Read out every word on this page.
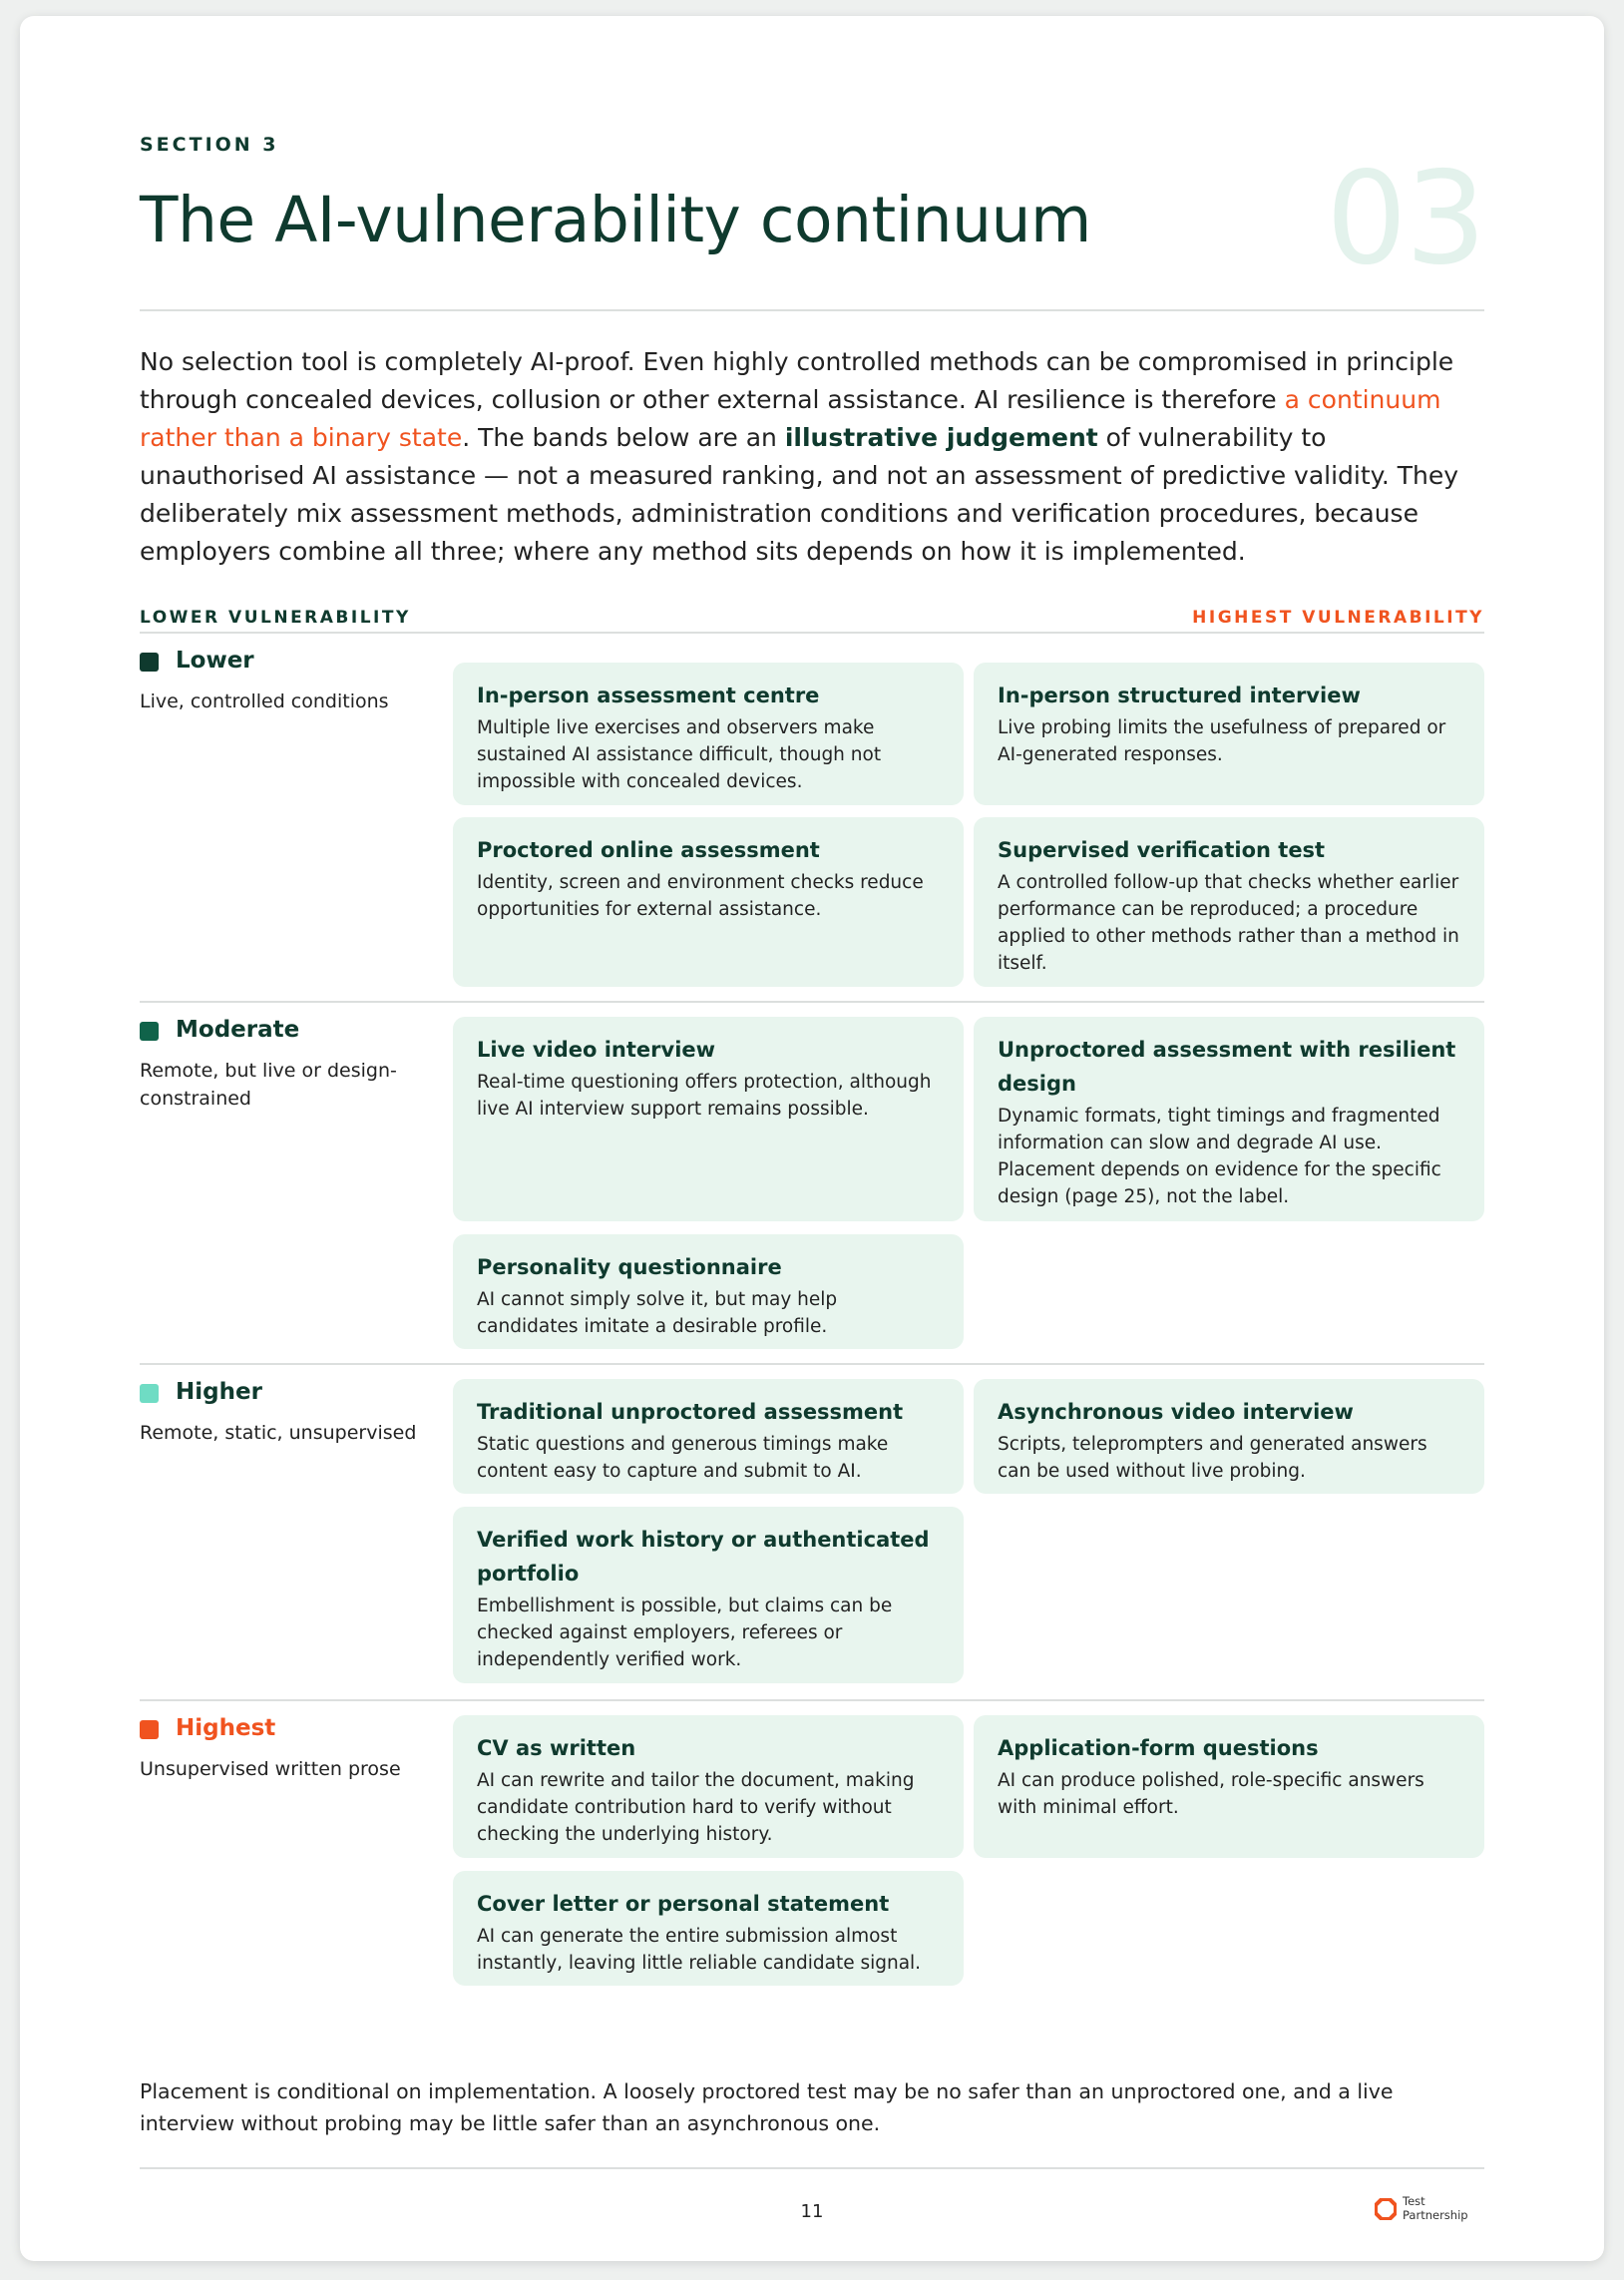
SECTION 3	03
The AI-vulnerability continuum

No selection tool is completely AI-proof. Even highly controlled methods can be compromised in principle through concealed devices, collusion or other external assistance. AI resilience is therefore a continuum rather than a binary state. The bands below are an illustrative judgement of vulnerability to unauthorised AI assistance — not a measured ranking, and not an assessment of predictive validity. They deliberately mix assessment methods, administration conditions and verification procedures, because employers combine all three; where any method sits depends on how it is implemented.

LOWER VULNERABILITY	HIGHEST VULNERABILITY
Lower
Live, controlled conditions	In-person assessment centre
Multiple live exercises and observers make sustained AI assistance difficult, though not impossible with concealed devices.
In-person structured interview
Live probing limits the usefulness of prepared or AI-generated responses.
Proctored online assessment
Identity, screen and environment checks reduce opportunities for external assistance.
Supervised verification test
A controlled follow-up that checks whether earlier performance can be reproduced; a procedure applied to other methods rather than a method in itself.
Moderate
Remote, but live or design-constrained
Live video interview
Real-time questioning offers protection, although live AI interview support remains possible.
Unproctored assessment with resilient design
Dynamic formats, tight timings and fragmented information can slow and degrade AI use. Placement depends on evidence for the specific design (page 25), not the label.
Personality questionnaire
AI cannot simply solve it, but may help candidates imitate a desirable profile.
Higher
Remote, static, unsupervised
Traditional unproctored assessment
Static questions and generous timings make content easy to capture and submit to AI.
Asynchronous video interview
Scripts, teleprompters and generated answers can be used without live probing.
Verified work history or authenticated portfolio
Embellishment is possible, but claims can be checked against employers, referees or independently verified work.
Highest
Unsupervised written prose
CV as written
AI can rewrite and tailor the document, making candidate contribution hard to verify without checking the underlying history.
Application-form questions
AI can produce polished, role-specific answers with minimal effort.
Cover letter or personal statement
AI can generate the entire submission almost instantly, leaving little reliable candidate signal.

Placement is conditional on implementation. A loosely proctored test may be no safer than an unproctored one, and a live interview without probing may be little safer than an asynchronous one.

11	Test
Partnership
